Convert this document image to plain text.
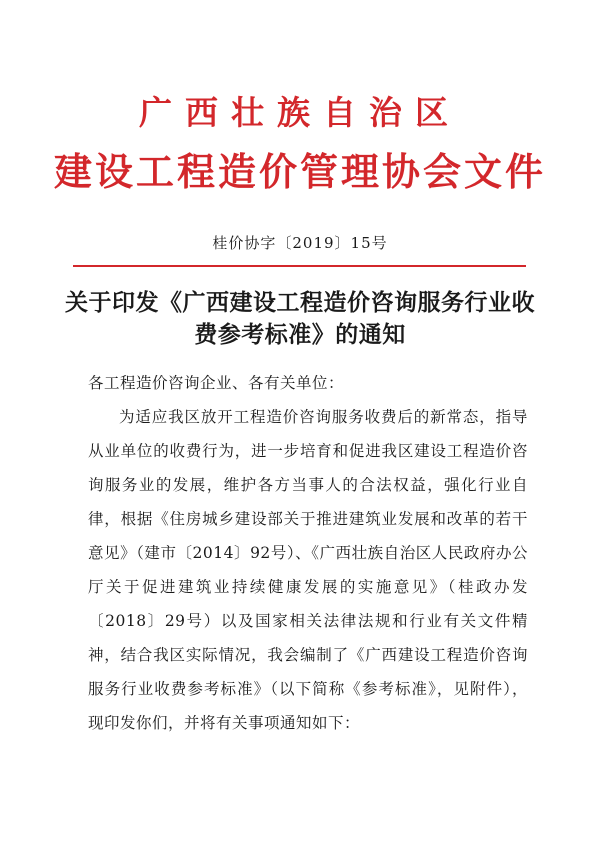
广西壮族自治区
建设工程造价管理协会文件
桂价协字〔2019〕15号
关于印发《广西建设工程造价咨询服务行业收费参考标准》的通知
各工程造价咨询企业、各有关单位：
为适应我区放开工程造价咨询服务收费后的新常态，指导从业单位的收费行为，进一步培育和促进我区建设工程造价咨询服务业的发展，维护各方当事人的合法权益，强化行业自律，根据《住房城乡建设部关于推进建筑业发展和改革的若干意见》（建市〔2014〕92号）、《广西壮族自治区人民政府办公厅关于促进建筑业持续健康发展的实施意见》（桂政办发〔2018〕29号）以及国家相关法律法规和行业有关文件精神，结合我区实际情况，我会编制了《广西建设工程造价咨询服务行业收费参考标准》（以下简称《参考标准》，见附件），现印发你们，并将有关事项通知如下：
